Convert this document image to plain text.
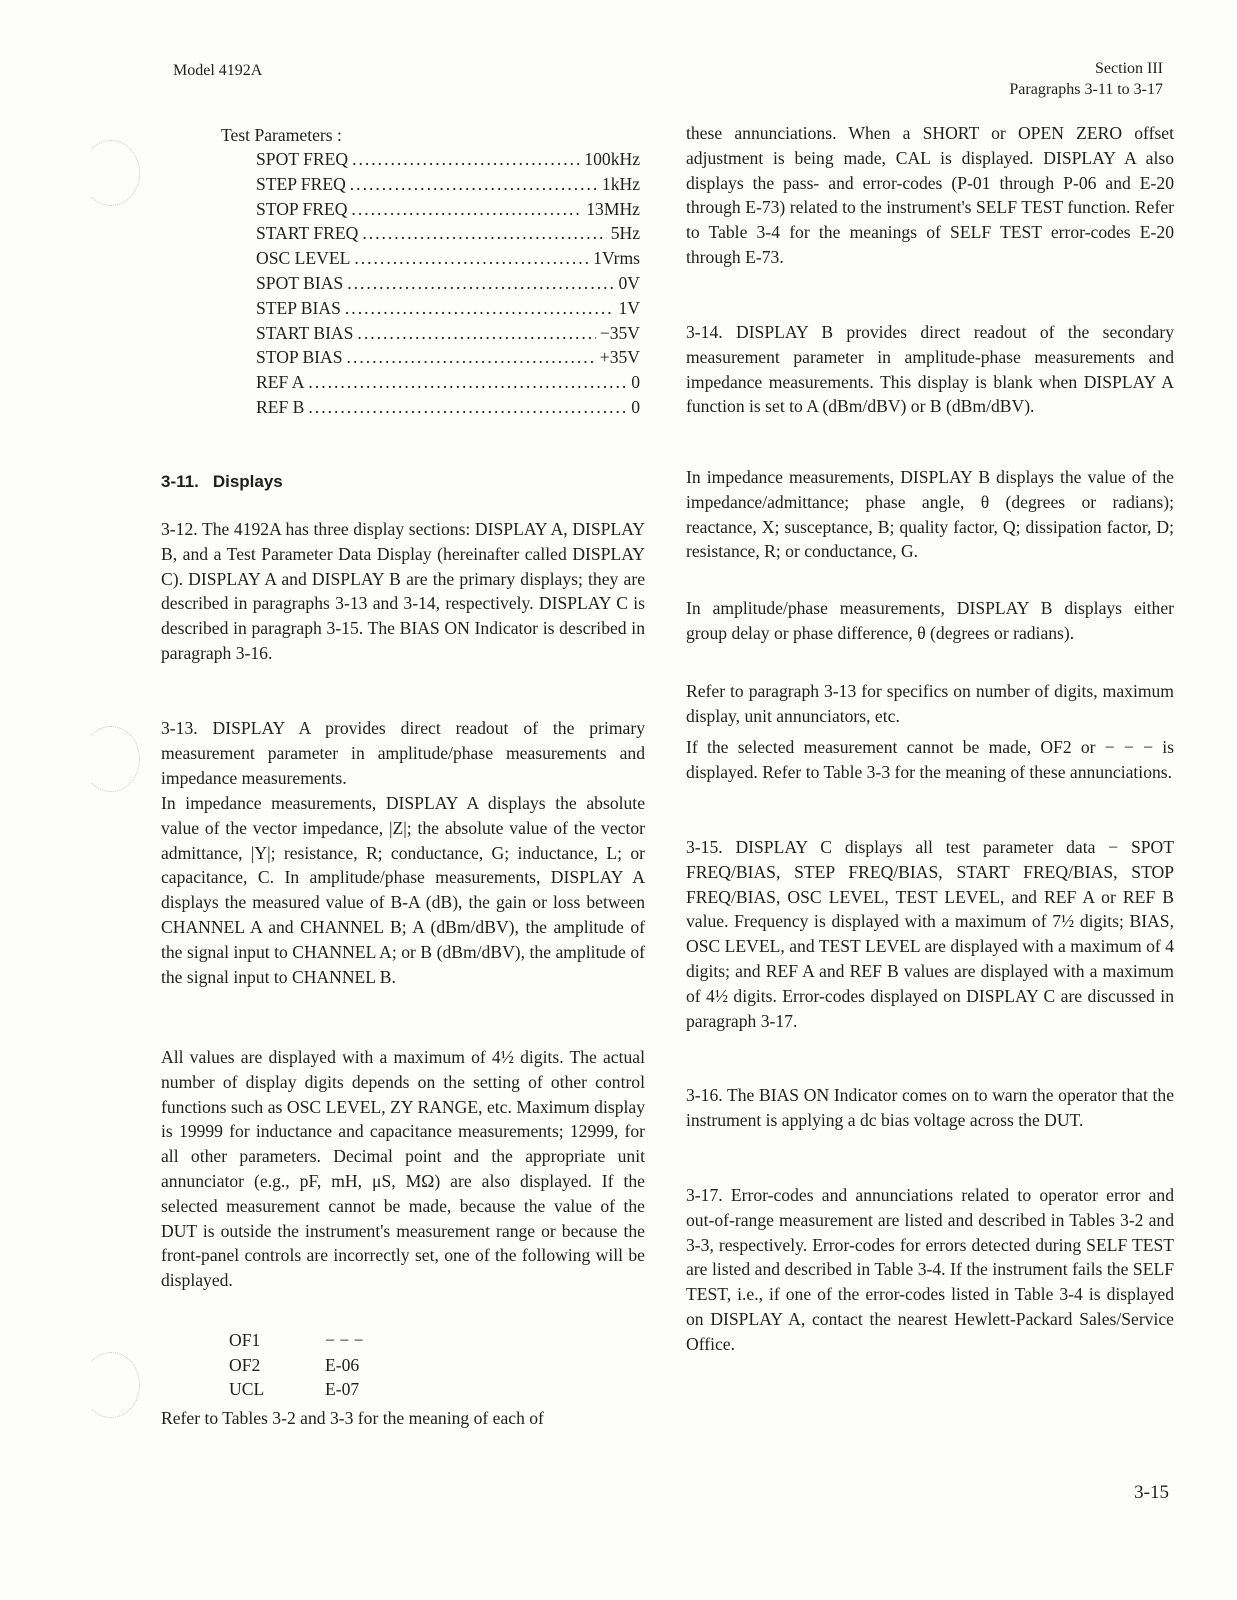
Model 4192A	Section III
Paragraphs 3-11 to 3-17
Test Parameters :
SPOT FREQ .....	100kHz
STEP FREQ .....	1kHz
STOP FREQ .....	13MHz
START FREQ .....	5Hz
OSC LEVEL .....	1Vrms
SPOT BIAS .....	0V
STEP BIAS .....	1V
START BIAS .....	−35V
STOP BIAS .....	+35V
REF A .....	0
REF B .....	0
3-11. Displays

3-12. The 4192A has three display sections: DISPLAY A, DISPLAY B, and a Test Parameter Data Display (hereinafter called DISPLAY C). DISPLAY A and DISPLAY B are the primary displays; they are described in paragraphs 3-13 and 3-14, respectively. DISPLAY C is described in paragraph 3-15. The BIAS ON Indicator is described in paragraph 3-16.

3-13. DISPLAY A provides direct readout of the primary measurement parameter in amplitude/phase measurements and impedance measurements.

In impedance measurements, DISPLAY A displays the absolute value of the vector impedance, |Z|; the absolute value of the vector admittance, |Y|; resistance, R; conductance, G; inductance, L; or capacitance, C. In amplitude/phase measurements, DISPLAY A displays the measured value of B-A (dB), the gain or loss between CHANNEL A and CHANNEL B; A (dBm/dBV), the amplitude of the signal input to CHANNEL A; or B (dBm/dBV), the amplitude of the signal input to CHANNEL B.

All values are displayed with a maximum of 4½ digits. The actual number of display digits depends on the setting of other control functions such as OSC LEVEL, ZY RANGE, etc. Maximum display is 19999 for inductance and capacitance measurements; 12999, for all other parameters. Decimal point and the appropriate unit annunciator (e.g., pF, mH, μS, MΩ) are also displayed. If the selected measurement cannot be made, because the value of the DUT is outside the instrument's measurement range or because the front-panel controls are incorrectly set, one of the following will be displayed.

Refer to Tables 3-2 and 3-3 for the meaning of each of

OF1	− − −
OF2	E-06
UCL	E-07

these annunciations. When a SHORT or OPEN ZERO offset adjustment is being made, CAL is displayed. DISPLAY A also displays the pass- and error-codes (P-01 through P-06 and E-20 through E-73) related to the instrument's SELF TEST function. Refer to Table 3-4 for the meanings of SELF TEST error-codes E-20 through E-73.

3-14. DISPLAY B provides direct readout of the secondary measurement parameter in amplitude-phase measurements and impedance measurements. This display is blank when DISPLAY A function is set to A (dBm/dBV) or B (dBm/dBV).

In impedance measurements, DISPLAY B displays the value of the impedance/admittance; phase angle, θ (degrees or radians); reactance, X; susceptance, B; quality factor, Q; dissipation factor, D; resistance, R; or conductance, G.

In amplitude/phase measurements, DISPLAY B displays either group delay or phase difference, θ (degrees or radians).

Refer to paragraph 3-13 for specifics on number of digits, maximum display, unit annunciators, etc.

If the selected measurement cannot be made, OF2 or − − − is displayed. Refer to Table 3-3 for the meaning of these annunciations.

3-15. DISPLAY C displays all test parameter data − SPOT FREQ/BIAS, STEP FREQ/BIAS, START FREQ/BIAS, STOP FREQ/BIAS, OSC LEVEL, TEST LEVEL, and REF A or REF B value. Frequency is displayed with a maximum of 7½ digits; BIAS, OSC LEVEL, and TEST LEVEL are displayed with a maximum of 4 digits; and REF A and REF B values are displayed with a maximum of 4½ digits. Error-codes displayed on DISPLAY C are discussed in paragraph 3-17.

3-16. The BIAS ON Indicator comes on to warn the operator that the instrument is applying a dc bias voltage across the DUT.

3-17. Error-codes and annunciations related to operator error and out-of-range measurement are listed and described in Tables 3-2 and 3-3, respectively. Error-codes for errors detected during SELF TEST are listed and described in Table 3-4. If the instrument fails the SELF TEST, i.e., if one of the error-codes listed in Table 3-4 is displayed on DISPLAY A, contact the nearest Hewlett-Packard Sales/Service Office.

3-15
